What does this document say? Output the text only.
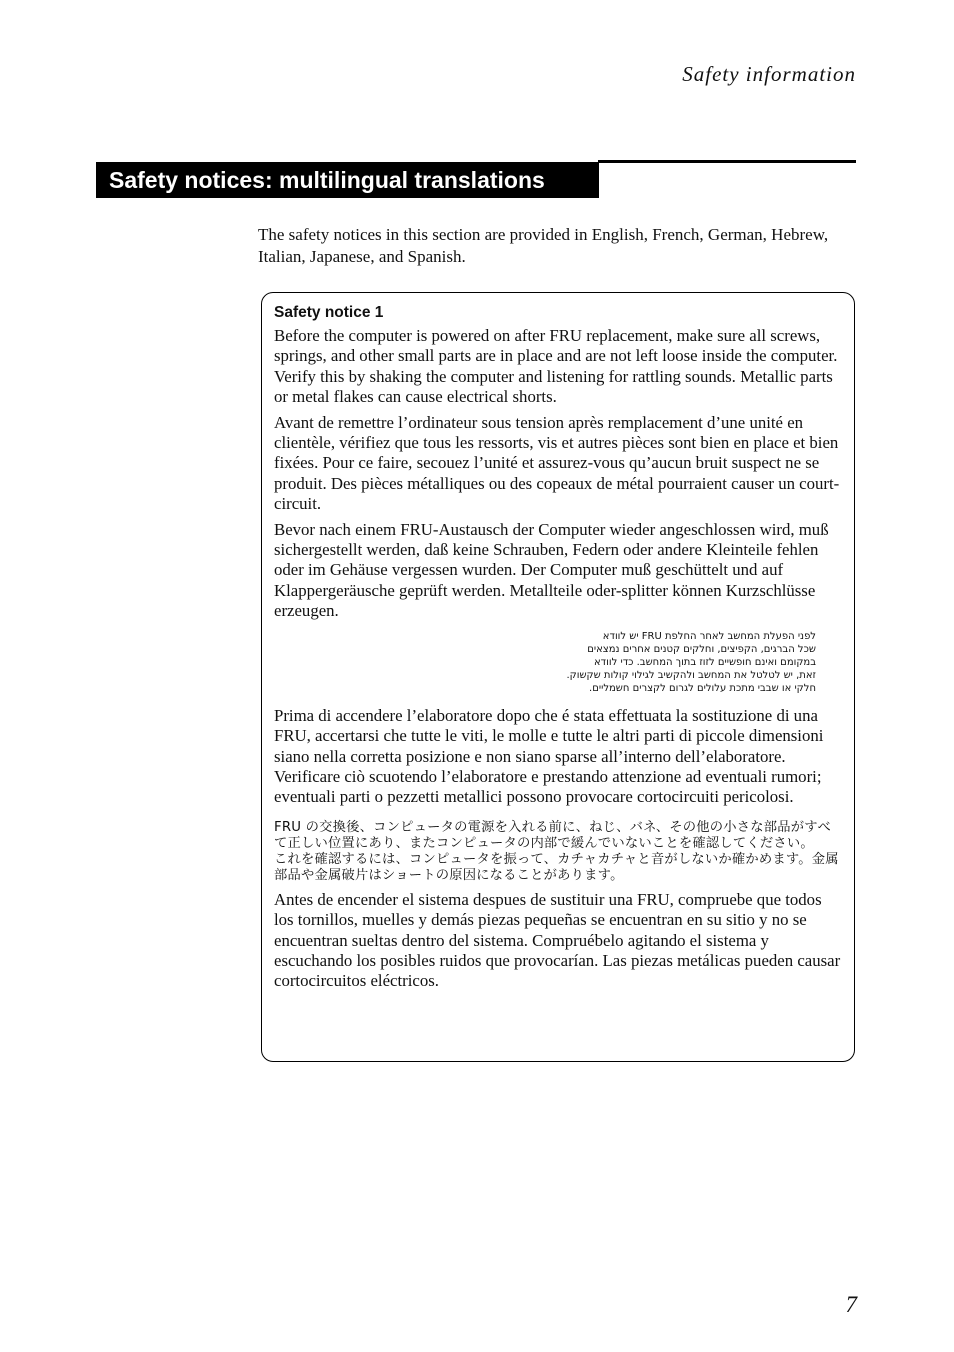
Safety information
Safety notices: multilingual translations
The safety notices in this section are provided in English, French, German, Hebrew, Italian, Japanese, and Spanish.
Safety notice 1

Before the computer is powered on after FRU replacement, make sure all screws, springs, and other small parts are in place and are not left loose inside the computer. Verify this by shaking the computer and listening for rattling sounds. Metallic parts or metal flakes can cause electrical shorts.

Avant de remettre l’ordinateur sous tension après remplacement d’une unité en clientèle, vérifiez que tous les ressorts, vis et autres pièces sont bien en place et bien fixées. Pour ce faire, secouez l’unité et assurez-vous qu’aucun bruit suspect ne se produit. Des pièces métalliques ou des copeaux de métal pourraient causer un court-circuit.

Bevor nach einem FRU-Austausch der Computer wieder angeschlossen wird, muß sichergestellt werden, daß keine Schrauben, Federn oder andere Kleinteile fehlen oder im Gehäuse vergessen wurden. Der Computer muß geschüttelt und auf Klappergeräusche geprüft werden. Metallteile oder-splitter können Kurzschlüsse erzeugen.

לפני הפעלת המחשב לאחר החלפת FRU יש לוודא
שכל הברגים, הקפיצים, וחלקים קטנים אחרים נמצאים
במקומם ואינם חופשיים לזוז בתוך המחשב. כדי לוודא
זאת, יש לטלטל את המחשב ולהקשיב לגילוי קולות שקשוק.
חלקי או שבבי מתכת עלולים לגרום לקצרים חשמליים.

Prima di accendere l’elaboratore dopo che é stata effettuata la sostituzione di una FRU, accertarsi che tutte le viti, le molle e tutte le altri parti di piccole dimensioni siano nella corretta posizione e non siano sparse all’interno dell’elaboratore. Verificare ciò scuotendo l’elaboratore e prestando attenzione ad eventuali rumori; eventuali parti o pezzetti metallici possono provocare cortocircuiti pericolosi.

FRU の交換後、コンピュータの電源を入れる前に、ねじ、バネ、その他の小さな部品がすべて正しい位置にあり、またコンピュータの内部で緩んでいないことを確認してください。
これを確認するには、コンピュータを振って、カチャカチャと音がしないか確かめます。金属部品や金属破片はショートの原因になることがあります。

Antes de encender el sistema despues de sustituir una FRU, compruebe que todos los tornillos, muelles y demás piezas pequeñas se encuentran en su sitio y no se encuentran sueltas dentro del sistema. Compruébelo agitando el sistema y escuchando los posibles ruidos que provocarían. Las piezas metálicas pueden causar cortocircuitos eléctricos.

7
